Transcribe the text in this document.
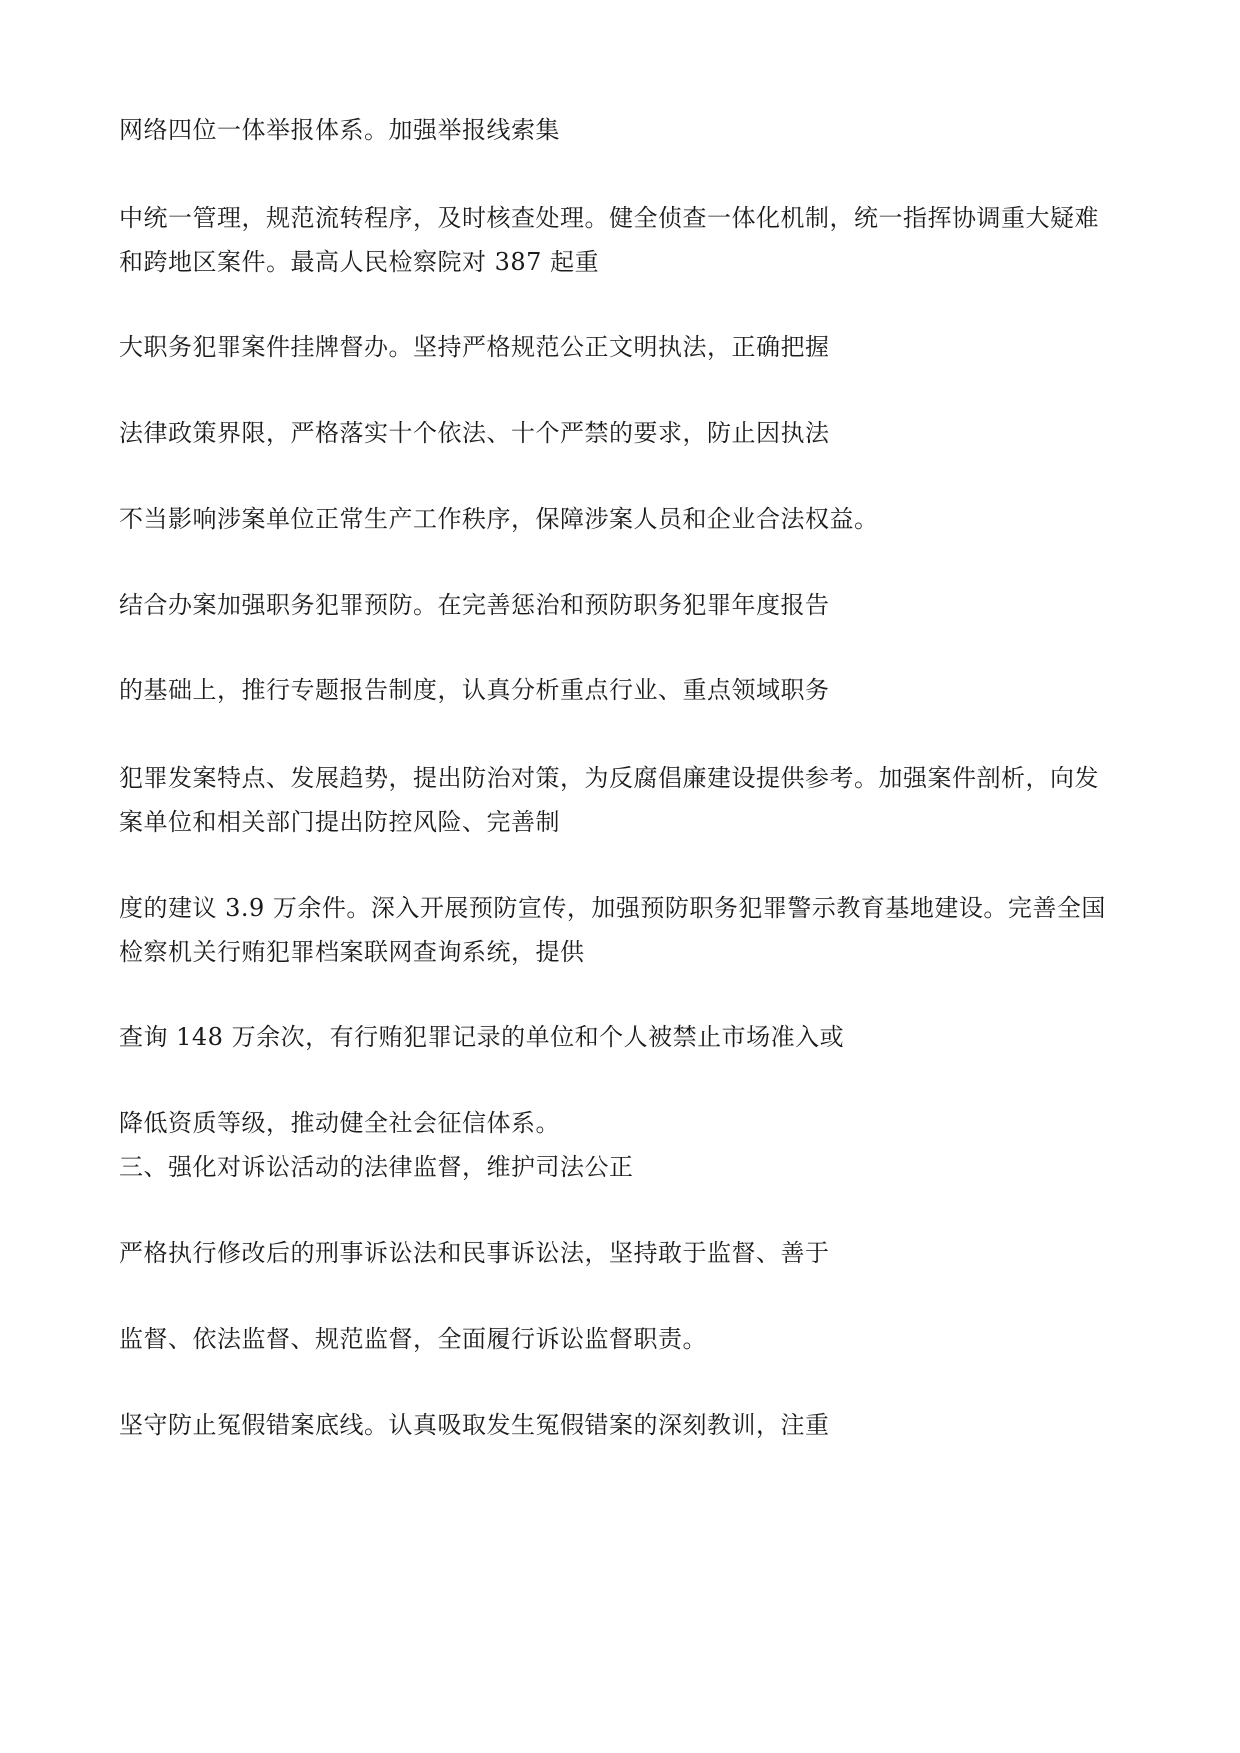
网络四位一体举报体系。加强举报线索集
中统一管理，规范流转程序，及时核查处理。健全侦查一体化机制，统一指挥协调重大疑难
和跨地区案件。最高人民检察院对 387 起重
大职务犯罪案件挂牌督办。坚持严格规范公正文明执法，正确把握
法律政策界限，严格落实十个依法、十个严禁的要求，防止因执法
不当影响涉案单位正常生产工作秩序，保障涉案人员和企业合法权益。
结合办案加强职务犯罪预防。在完善惩治和预防职务犯罪年度报告
的基础上，推行专题报告制度，认真分析重点行业、重点领域职务
犯罪发案特点、发展趋势，提出防治对策，为反腐倡廉建设提供参考。加强案件剖析，向发
案单位和相关部门提出防控风险、完善制
度的建议 3.9 万余件。深入开展预防宣传，加强预防职务犯罪警示教育基地建设。完善全国
检察机关行贿犯罪档案联网查询系统，提供
查询 148 万余次，有行贿犯罪记录的单位和个人被禁止市场准入或
降低资质等级，推动健全社会征信体系。
三、强化对诉讼活动的法律监督，维护司法公正
严格执行修改后的刑事诉讼法和民事诉讼法，坚持敢于监督、善于
监督、依法监督、规范监督，全面履行诉讼监督职责。
坚守防止冤假错案底线。认真吸取发生冤假错案的深刻教训，注重
